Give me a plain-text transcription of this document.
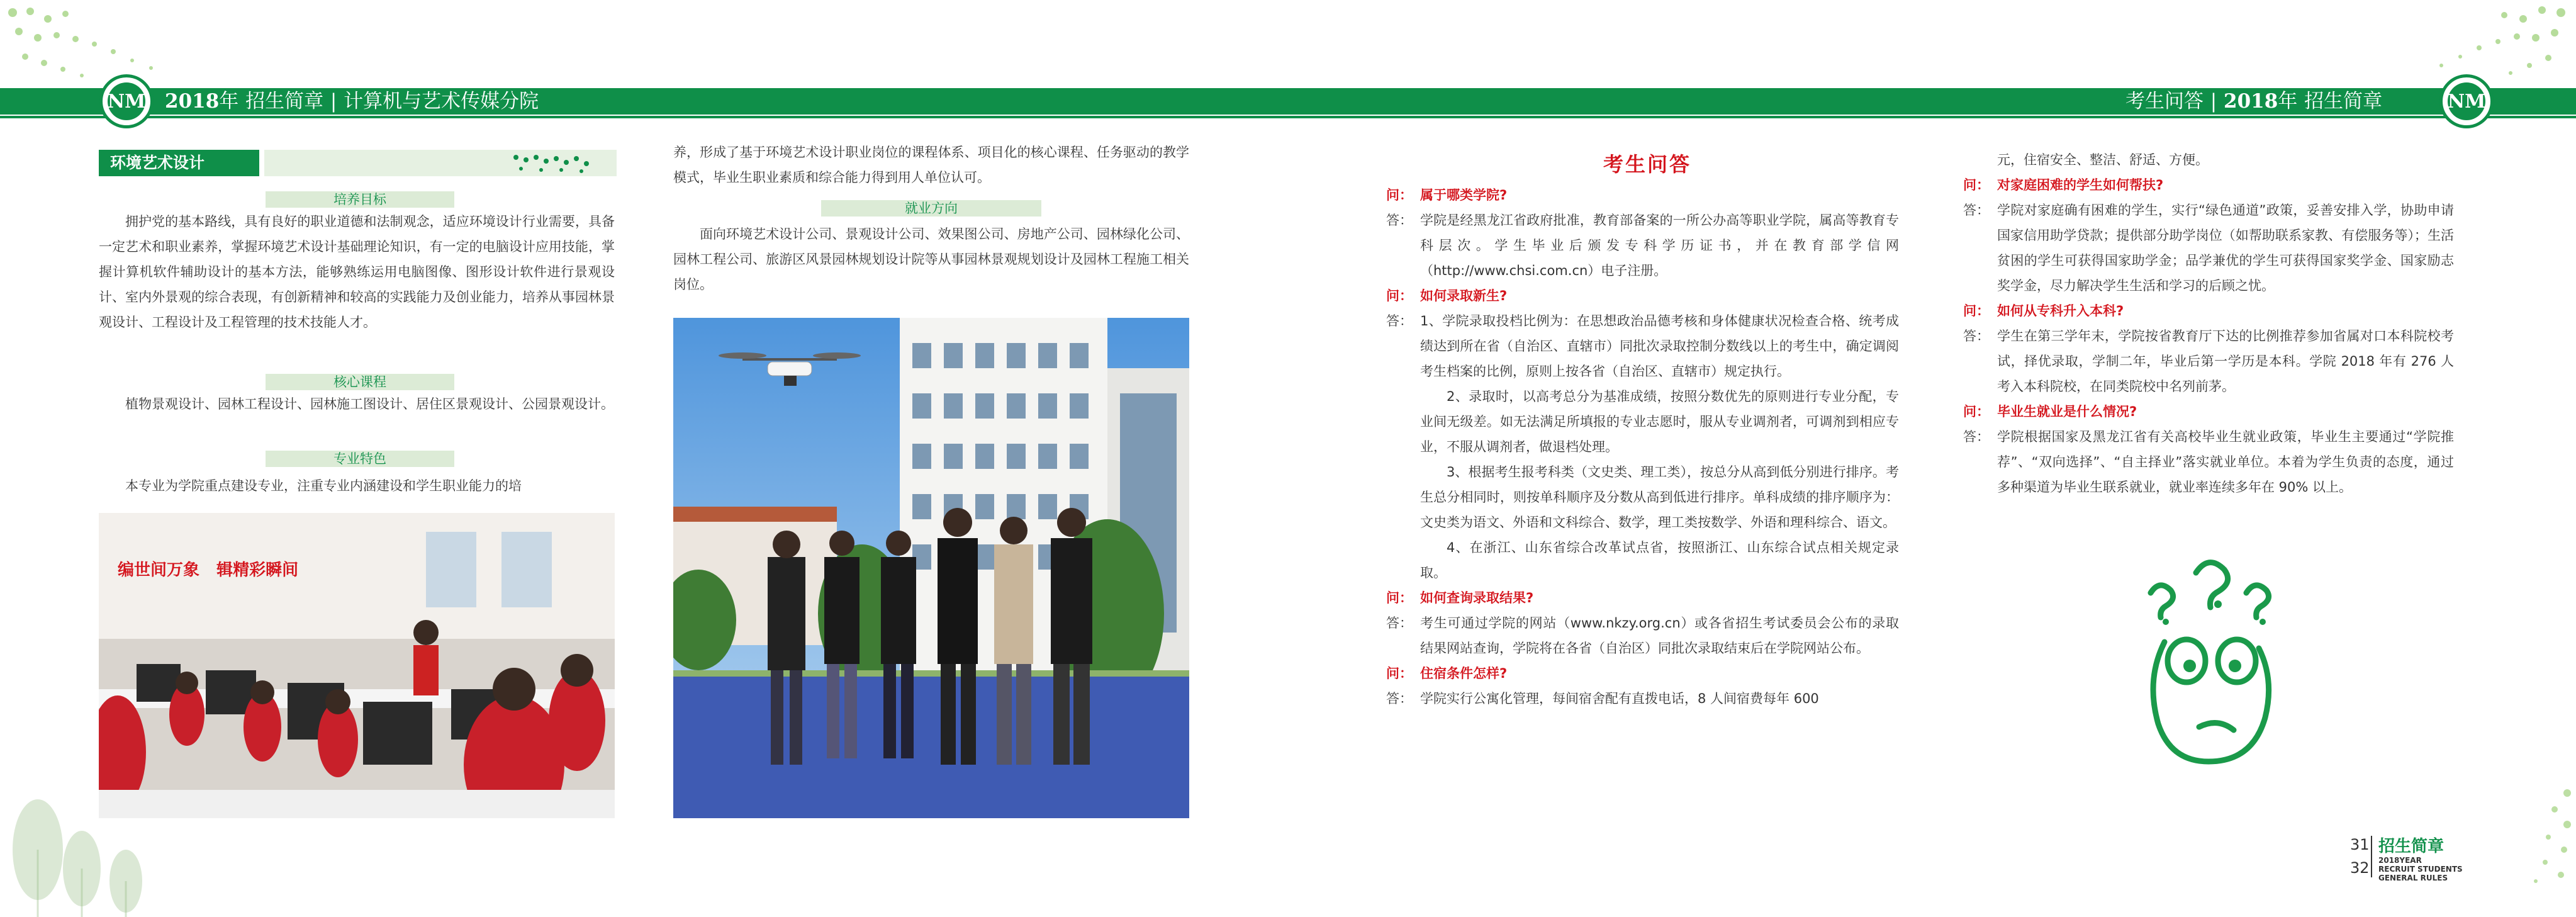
NM 2018年 招生简章 | 计算机与艺术传媒分院	考生问答 | 2018年 招生简章	NM
环境艺术设计
培养目标

拥护党的基本路线，具有良好的职业道德和法制观念，适应环境设计行业需要，具备一定艺术和职业素养，掌握环境艺术设计基础理论知识，有一定的电脑设计应用技能，掌握计算机软件辅助设计的基本方法，能够熟练运用电脑图像、图形设计软件进行景观设计、室内外景观的综合表现，有创新精神和较高的实践能力及创业能力，培养从事园林景观设计、工程设计及工程管理的技术技能人才。

核心课程

植物景观设计、园林工程设计、园林施工图设计、居住区景观设计、公园景观设计。

专业特色

本专业为学院重点建设专业，注重专业内涵建设和学生职业能力的培

编世间万象   辑精彩瞬间

养，形成了基于环境艺术设计职业岗位的课程体系、项目化的核心课程、任务驱动的教学模式，毕业生职业素质和综合能力得到用人单位认可。

就业方向

面向环境艺术设计公司、景观设计公司、效果图公司、房地产公司、园林绿化公司、园林工程公司、旅游区风景园林规划设计院等从事园林景观规划设计及园林工程施工相关岗位。

考生问答
问： 属于哪类学院?
答： 学院是经黑龙江省政府批准，教育部备案的一所公办高等职业学院，属高等教育专科层次。学生毕业后颁发专科学历证书，并在教育部学信网（http://www.chsi.com.cn）电子注册。
问： 如何录取新生?
答： 1、学院录取投档比例为：在思想政治品德考核和身体健康状况检查合格、统考成绩达到所在省（自治区、直辖市）同批次录取控制分数线以上的考生中，确定调阅考生档案的比例，原则上按各省（自治区、直辖市）规定执行。
2、录取时，以高考总分为基准成绩，按照分数优先的原则进行专业分配，专业间无级差。如无法满足所填报的专业志愿时，服从专业调剂者，可调剂到相应专业，不服从调剂者，做退档处理。
3、根据考生报考科类（文史类、理工类），按总分从高到低分别进行排序。考生总分相同时，则按单科顺序及分数从高到低进行排序。单科成绩的排序顺序为：文史类为语文、外语和文科综合、数学，理工类按数学、外语和理科综合、语文。
4、在浙江、山东省综合改革试点省，按照浙江、山东综合试点相关规定录取。
问： 如何查询录取结果?
答： 考生可通过学院的网站（www.nkzy.org.cn）或各省招生考试委员会公布的录取结果网站查询，学院将在各省（自治区）同批次录取结束后在学院网站公布。
问： 住宿条件怎样?
答： 学院实行公寓化管理，每间宿舍配有直拨电话，8 人间宿费每年 600
元，住宿安全、整洁、舒适、方便。
问： 对家庭困难的学生如何帮扶?
答： 学院对家庭确有困难的学生，实行“绿色通道”政策，妥善安排入学，协助申请国家信用助学贷款；提供部分助学岗位（如帮助联系家教、有偿服务等）；生活贫困的学生可获得国家助学金；品学兼优的学生可获得国家奖学金、国家励志奖学金，尽力解决学生生活和学习的后顾之忧。
问： 如何从专科升入本科?
答： 学生在第三学年末，学院按省教育厅下达的比例推荐参加省属对口本科院校考试，择优录取，学制二年，毕业后第一学历是本科。学院 2018 年有 276 人考入本科院校，在同类院校中名列前茅。
问： 毕业生就业是什么情况?
答： 学院根据国家及黑龙江省有关高校毕业生就业政策，毕业生主要通过“学院推荐”、“双向选择”、“自主择业”落实就业单位。本着为学生负责的态度，通过多种渠道为毕业生联系就业，就业率连续多年在 90% 以上。
31
32
招生简章
2018YEAR
RECRUIT STUDENTS
GENERAL RULES
